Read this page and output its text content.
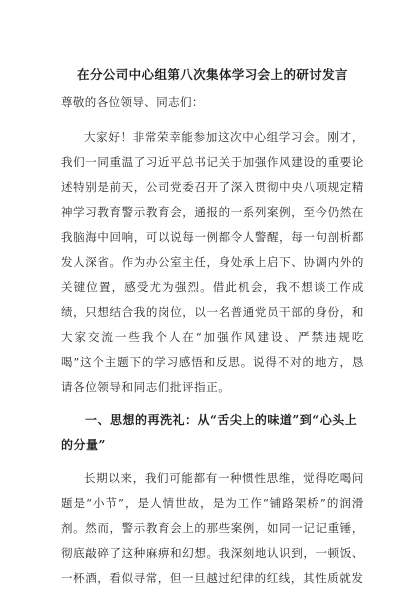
在分公司中心组第八次集体学习会上的研讨发言

尊敬的各位领导、同志们：

大家好！非常荣幸能参加这次中心组学习会。刚才，我们一同重温了习近平总书记关于加强作风建设的重要论述特别是前天，公司党委召开了深入贯彻中央八项规定精神学习教育警示教育会，通报的一系列案例，至今仍然在我脑海中回响，可以说每一例都令人警醒，每一句剖析都发人深省。作为办公室主任，身处承上启下、协调内外的关键位置，感受尤为强烈。借此机会，我不想谈工作成绩，只想结合我的岗位，以一名普通党员干部的身份，和大家交流一些我个人在“加强作风建设、严禁违规吃喝”这个主题下的学习感悟和反思。说得不对的地方，恳请各位领导和同志们批评指正。

一、思想的再洗礼：从“舌尖上的味道”到“心头上的分量”

长期以来，我们可能都有一种惯性思维，觉得吃喝问题是“小节”，是人情世故，是为工作“铺路架桥”的润滑剂。然而，警示教育会上的那些案例，如同一记记重锤，彻底敲碎了这种麻痹和幻想。我深刻地认识到，一顿饭、一杯酒，看似寻常，但一旦越过纪律的红线，其性质就发
